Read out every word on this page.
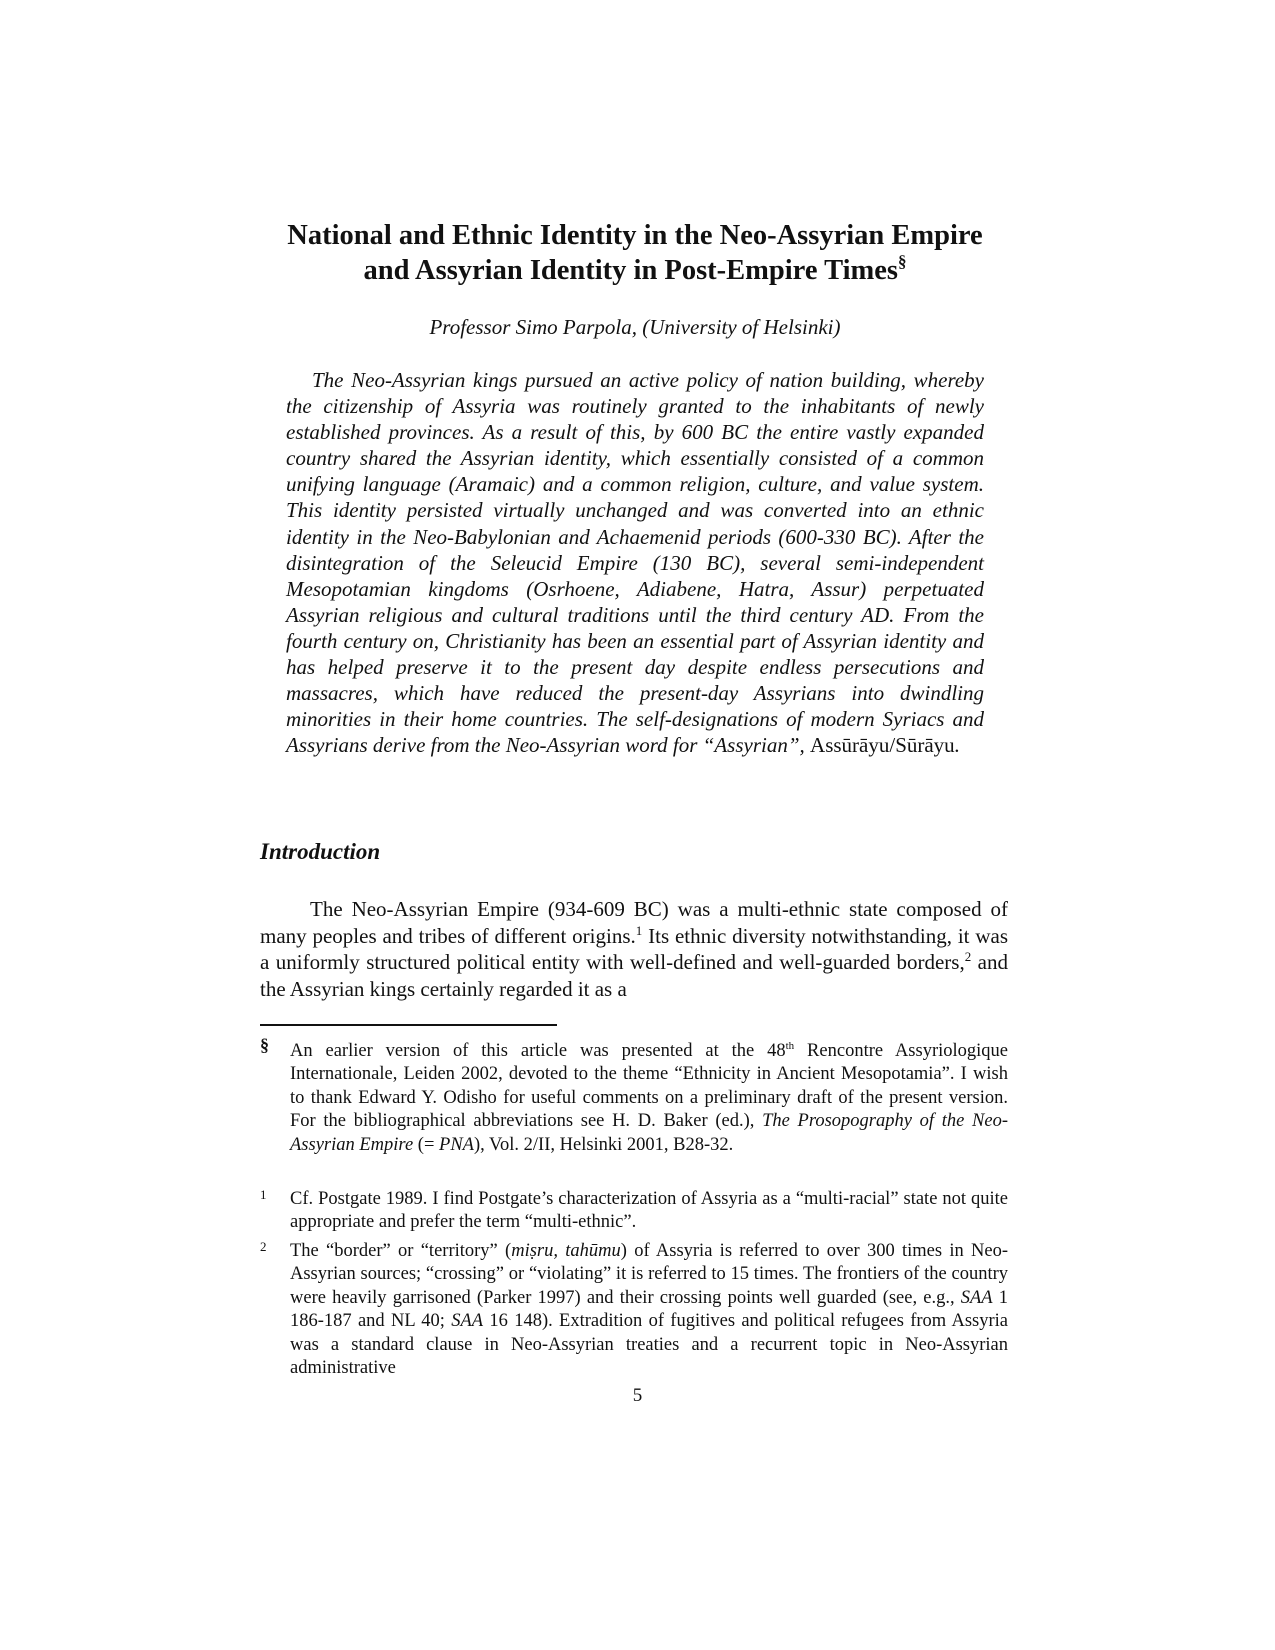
National and Ethnic Identity in the Neo-Assyrian Empire
and Assyrian Identity in Post-Empire Times§
Professor Simo Parpola, (University of Helsinki)

The Neo-Assyrian kings pursued an active policy of nation building, whereby the citizenship of Assyria was routinely granted to the inhabitants of newly established provinces. As a result of this, by 600 BC the entire vastly expanded country shared the Assyrian identity, which essentially consisted of a common unifying language (Aramaic) and a common religion, culture, and value system. This identity persisted virtually unchanged and was converted into an ethnic identity in the Neo-Babylonian and Achaemenid periods (600-330 BC). After the disintegration of the Seleucid Empire (130 BC), several semi-independent Mesopotamian kingdoms (Osrhoene, Adiabene, Hatra, Assur) perpetuated Assyrian religious and cultural traditions until the third century AD. From the fourth century on, Christianity has been an essential part of Assyrian identity and has helped preserve it to the present day despite endless persecutions and massacres, which have reduced the present-day Assyrians into dwindling minorities in their home countries. The self-designations of modern Syriacs and Assyrians derive from the Neo-Assyrian word for “Assyrian”, Assūrāyu/Sūrāyu.

Introduction

The Neo-Assyrian Empire (934-609 BC) was a multi-ethnic state composed of many peoples and tribes of different origins.$^1$ Its ethnic diversity notwithstanding, it was a uniformly structured political entity with well-defined and well-guarded borders,$^2$ and the Assyrian kings certainly regarded it as a

§ An earlier version of this article was presented at the 48th Rencontre Assyriologique Internationale, Leiden 2002, devoted to the theme “Ethnicity in Ancient Mesopotamia”. I wish to thank Edward Y. Odisho for useful comments on a preliminary draft of the present version. For the bibliographical abbreviations see H. D. Baker (ed.), The Prosopography of the Neo-Assyrian Empire (= PNA), Vol. 2/II, Helsinki 2001, B28-32.
1 Cf. Postgate 1989. I find Postgate’s characterization of Assyria as a “multi-racial” state not quite appropriate and prefer the term “multi-ethnic”.
2 The “border” or “territory” (miṣru, tahūmu) of Assyria is referred to over 300 times in Neo-Assyrian sources; “crossing” or “violating” it is referred to 15 times. The frontiers of the country were heavily garrisoned (Parker 1997) and their crossing points well guarded (see, e.g., SAA 1 186-187 and NL 40; SAA 16 148). Extradition of fugitives and political refugees from Assyria was a standard clause in Neo-Assyrian treaties and a recurrent topic in Neo-Assyrian administrative
5
